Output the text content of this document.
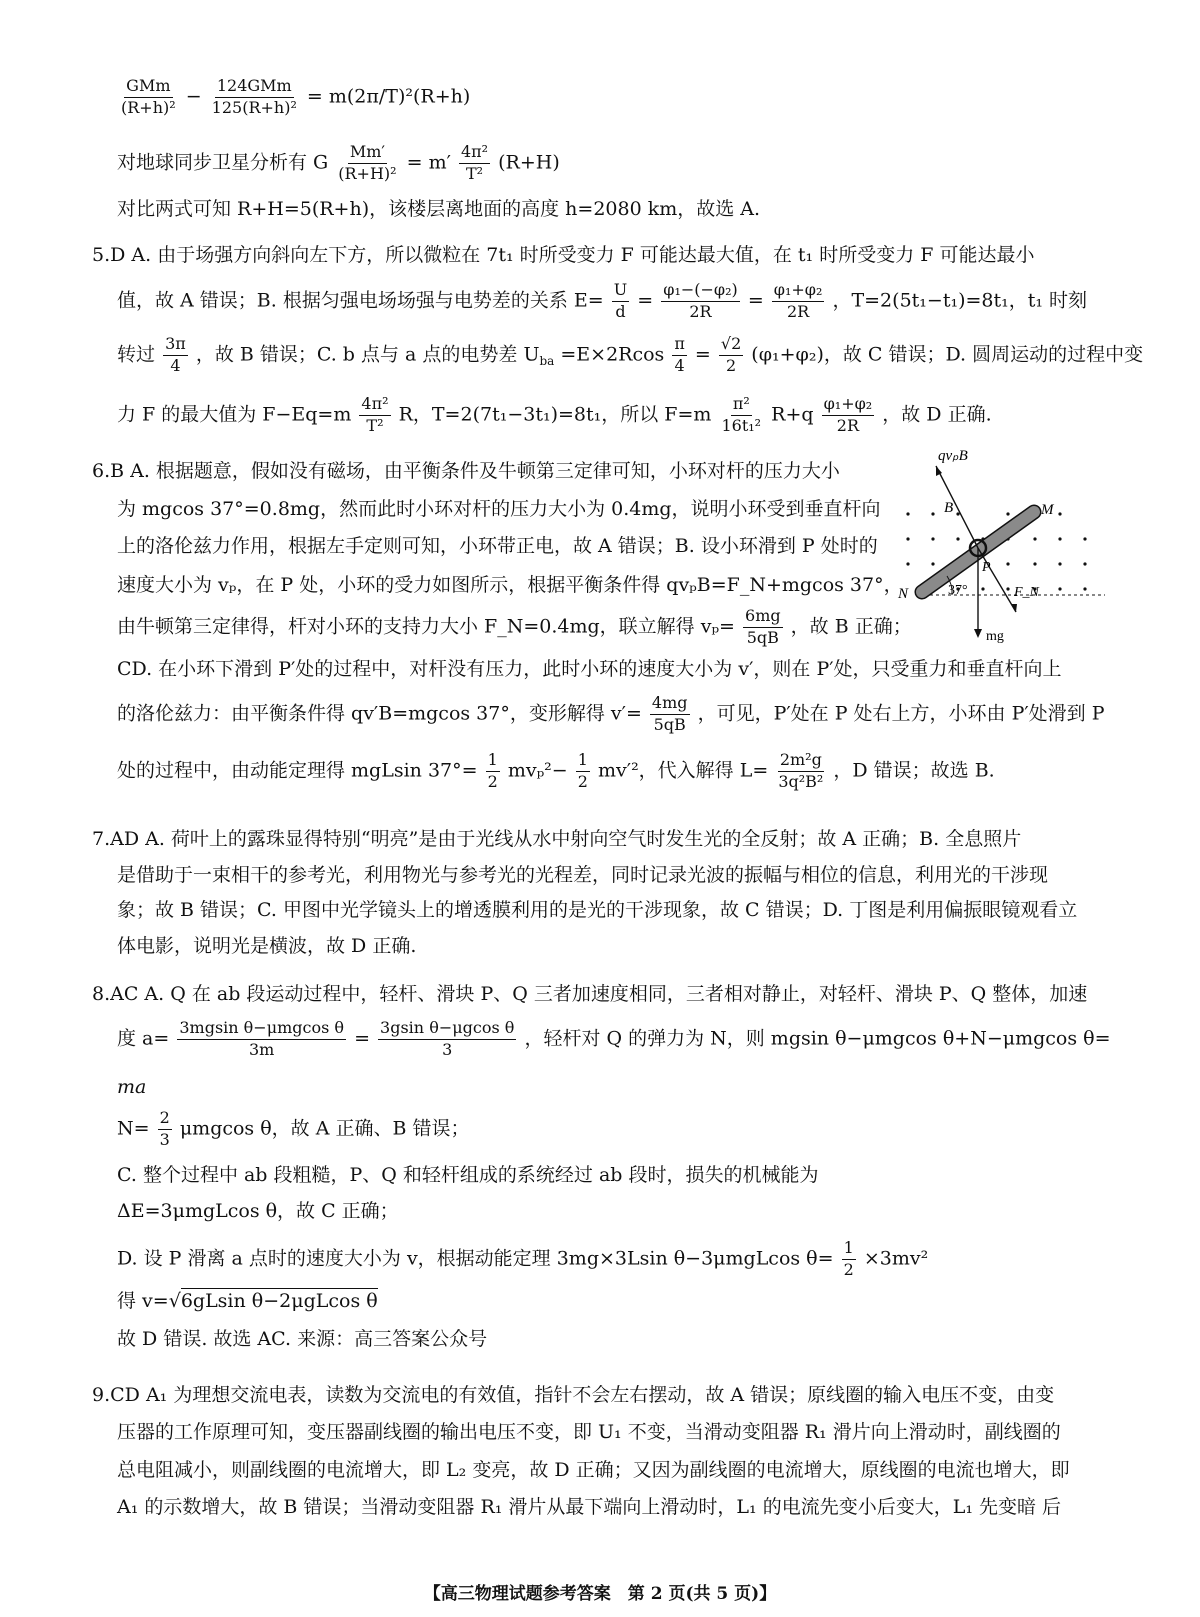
GMm
(R+h)² − 124GMm
125(R+h)² = m(2π/T)²(R+h)
对地球同步卫星分析有 G $\frac{Mm'}{\text{(R+H)²}} = m' \frac{\text{4π²}}{\text{T²}} (R+H)$
对比两式可知 R+H=5(R+h)，该楼层离地面的高度 h=2080 km，故选 A.
5.D A. 由于场强方向斜向左下方，所以微粒在 7t₁ 时所受变力 F 可能达最大值，在 t₁ 时所受变力 F 可能达最小
值，故 A 错误；B. 根据匀强电场场强与电势差的关系 $E= \frac{U}{d} = \frac{\text{φ₁−(−φ₂)}}{2R} = \frac{\text{φ₁+φ₂}}{2R}$ ，T=2(5t₁−t₁)=8t₁，t₁ 时刻
转过 $\frac{3\pi}{4}$ ，故 B 错误；C. b 点与 a 点的电势差 $U_{ba} =E\times 2Rcos \frac{\pi}{4} = \frac{√2}{2} (\varphi_1+\varphi_2)$，故 C 错误；D. 圆周运动的过程中变
力 F 的最大值为 $F-Eq=m \frac{\text{4π²}}{\text{T²}}$ R，T=2(7t₁−3t₁)=8t₁，所以 $F=m \frac{\text{π²}}{\text{16t₁²}} R+q \frac{\text{φ₁+φ₂}}{2R}$ ，故 D 正确.
6.B A. 根据题意，假如没有磁场，由平衡条件及牛顿第三定律可知，小环对杆的压力大小
为 mgcos 37°=0.8mg，然而此时小环对杆的压力大小为 0.4mg，说明小环受到垂直杆向
上的洛伦兹力作用，根据左手定则可知，小环带正电，故 A 错误；B. 设小环滑到 P 处时的
速度大小为 vₚ，在 P 处，小环的受力如图所示，根据平衡条件得 qvₚB=F_N+mgcos 37°，
由牛顿第三定律得，杆对小环的支持力大小 F_N=0.4mg，联立解得 $v_p= \frac{6mg}{5qB}$ ，故 B 正确；
CD. 在小环下滑到 P′处的过程中，对杆没有压力，此时小环的速度大小为 v′，则在 P′处，只受重力和垂直杆向上
的洛伦兹力：由平衡条件得 qv′B=mgcos 37°，变形解得 $v'= \frac{4mg}{5qB}$ ，可见，P′处在 P 处右上方，小环由 P′处滑到 P
处的过程中，由动能定理得 mgLsin $37^\circ= \frac{1}{2} mv_p^2- \frac{1}{2} mv'^2$，代入解得 $L= \frac{\text{2m²g}}{\text{3q²B²}}$ ，D 错误；故选 B.
7.AD A. 荷叶上的露珠显得特别“明亮”是由于光线从水中射向空气时发生光的全反射；故 A 正确；B. 全息照片
是借助于一束相干的参考光，利用物光与参考光的光程差，同时记录光波的振幅与相位的信息，利用光的干涉现
象；故 B 错误；C. 甲图中光学镜头上的增透膜利用的是光的干涉现象，故 C 错误；D. 丁图是利用偏振眼镜观看立
体电影，说明光是横波，故 D 正确.
8.AC A. Q 在 ab 段运动过程中，轻杆、滑块 P、Q 三者加速度相同，三者相对静止，对轻杆、滑块 P、Q 整体，加速
度 a= 3mgsin θ−μmgcos θ
3m	= $\frac{\text{3gsin θ−μgcos θ}}{3}$ ，轻杆对 Q 的弹力为 N，则 mgsin θ−μmgcos θ+N−μmgcos θ=
ma
$N= \frac{2}{3}$ μmgcos θ，故 A 正确、B 错误；
C. 整个过程中 ab 段粗糙，P、Q 和轻杆组成的系统经过 ab 段时，损失的机械能为
ΔE=3μmgLcos θ，故 C 正确；
D. 设 P 滑离 a 点时的速度大小为 v，根据动能定理 3mg×3Lsin θ−3μmgLcos $\theta= \frac{1}{2} \times 3mv^2$
得 v=√6gLsin θ−2μgLcos θ
故 D 错误. 故选 AC. 来源：高三答案公众号
9.CD A₁ 为理想交流电表，读数为交流电的有效值，指针不会左右摆动，故 A 错误；原线圈的输入电压不变，由变
压器的工作原理可知，变压器副线圈的输出电压不变，即 U₁ 不变，当滑动变阻器 R₁ 滑片向上滑动时，副线圈的
总电阻减小，则副线圈的电流增大，即 L₂ 变亮，故 D 正确；又因为副线圈的电流增大，原线圈的电流也增大，即
A₁ 的示数增大，故 B 错误；当滑动变阻器 R₁ 滑片从最下端向上滑动时，L₁ 的电流先变小后变大，L₁ 先变暗 后
qvₚB
B	M
P
N	F_N
37°
mg
【高三物理试题参考答案　第 2 页(共 5 页)】
